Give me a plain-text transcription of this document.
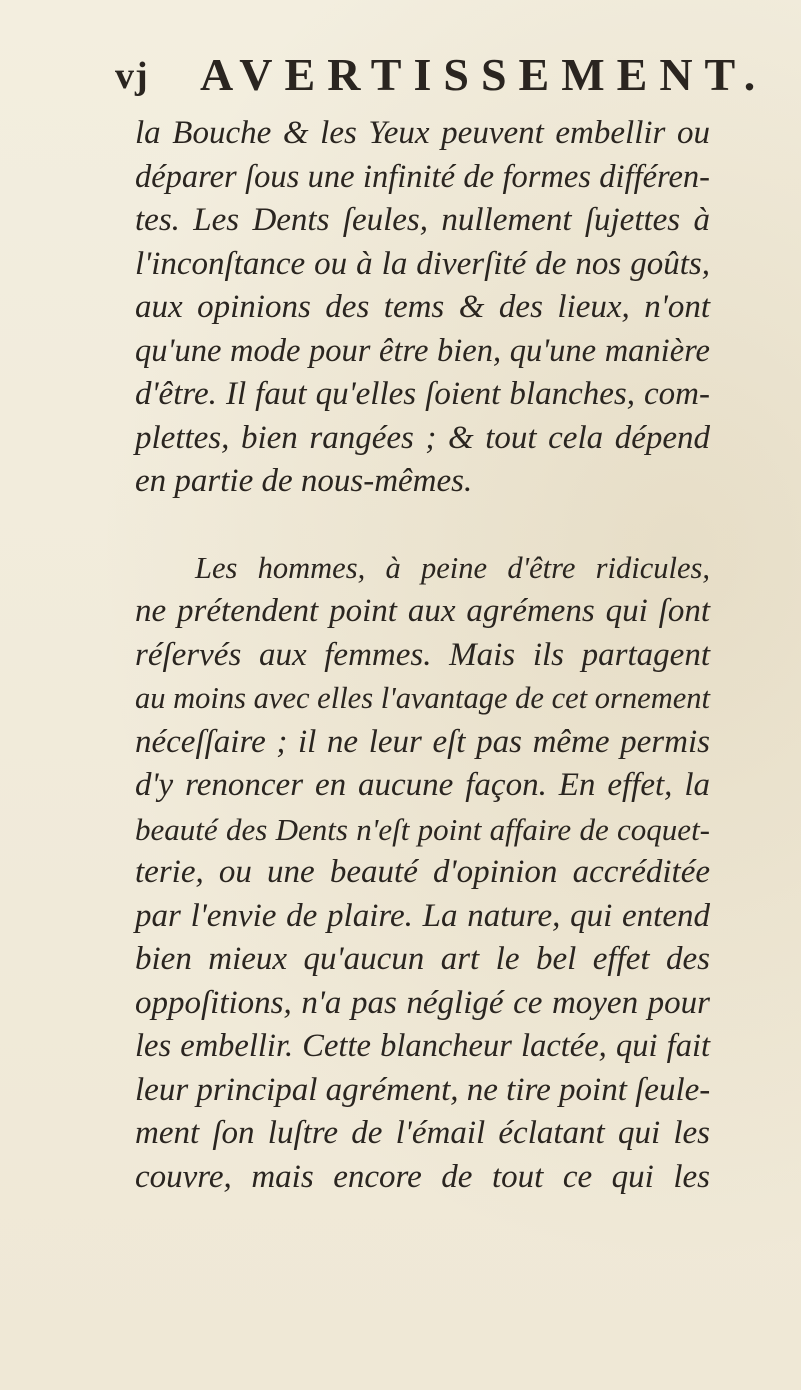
vj AVERTISSEMENT.

la Bouche & les Yeux peuvent embellir ou
déparer ſous une infinité de formes différen-
tes. Les Dents ſeules, nullement ſujettes à
l'inconſtance ou à la diverſité de nos goûts,
aux opinions des tems & des lieux, n'ont
qu'une mode pour être bien, qu'une manière
d'être. Il faut qu'elles ſoient blanches, com-
plettes, bien rangées ; & tout cela dépend
en partie de nous-mêmes.

Les hommes, à peine d'être ridicules,
ne prétendent point aux agrémens qui ſont
réſervés aux femmes. Mais ils partagent
au moins avec elles l'avantage de cet ornement
néceſſaire ; il ne leur eſt pas même permis
d'y renoncer en aucune façon. En effet, la
beauté des Dents n'eſt point affaire de coquet-
terie, ou une beauté d'opinion accréditée
par l'envie de plaire. La nature, qui entend
bien mieux qu'aucun art le bel effet des
oppoſitions, n'a pas négligé ce moyen pour
les embellir. Cette blancheur lactée, qui fait
leur principal agrément, ne tire point ſeule-
ment ſon luſtre de l'émail éclatant qui les
couvre, mais encore de tout ce qui les
